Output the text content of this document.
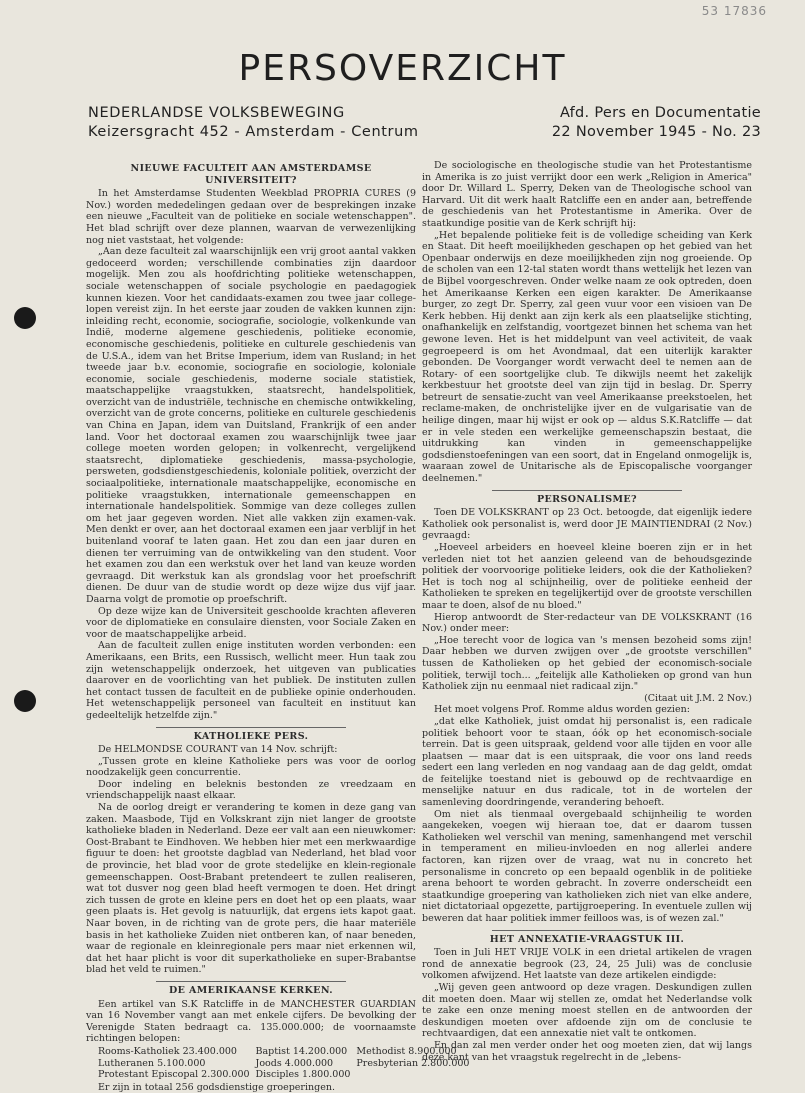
53 17836
PERSOVERZICHT
NEDERLANDSE VOLKSBEWEGING
Keizersgracht 452 - Amsterdam - Centrum
Afd. Pers en Documentatie
22 November 1945 - No. 23
NIEUWE FACULTEIT AAN AMSTERDAMSE UNIVERSITEIT?

In het Amsterdamse Studenten Weekblad PROPRIA CURES (9 Nov.) worden mededelingen gedaan over de besprekingen inzake een nieuwe „Faculteit van de politieke en sociale wetenschappen". Het blad schrijft over deze plannen, waarvan de verwezenlijking nog niet vaststaat, het volgende:

„Aan deze faculteit zal waarschijnlijk een vrij groot aantal vakken gedoceerd worden; verschillende combinaties zijn daardoor mogelijk. Men zou als hoofdrichting politieke wetenschappen, sociale wetenschappen of sociale psychologie en paedagogiek kunnen kiezen. Voor het candidaats-examen zou twee jaar college-lopen vereist zijn. In het eerste jaar zouden de vakken kunnen zijn: inleiding recht, economie, sociografie, sociologie, volkenkunde van Indië, moderne algemene geschiedenis, politieke economie, economische geschiedenis, politieke en culturele geschiedenis van de U.S.A., idem van het Britse Imperium, idem van Rusland; in het tweede jaar b.v. economie, sociografie en sociologie, koloniale economie, sociale geschiedenis, moderne sociale statistiek, maatschappelijke vraagstukken, staatsrecht, handelspolitiek, overzicht van de industriële, technische en chemische ontwikkeling, overzicht van de grote concerns, politieke en culturele geschiedenis van China en Japan, idem van Duitsland, Frankrijk of een ander land. Voor het doctoraal examen zou waarschijnlijk twee jaar college moeten worden gelopen; in volkenrecht, vergelijkend staatsrecht, diplomatieke geschiedenis, massa-psychologie, persweten, godsdienstgeschiedenis, koloniale politiek, overzicht der sociaalpolitieke, internationale maatschappelijke, economische en politieke vraagstukken, internationale gemeenschappen en internationale handelspolitiek. Sommige van deze colleges zullen om het jaar gegeven worden. Niet alle vakken zijn examen-vak. Men denkt er over, aan het doctoraal examen een jaar verblijf in het buitenland vooraf te laten gaan. Het zou dan een jaar duren en dienen ter verruiming van de ontwikkeling van den student. Voor het examen zou dan een werkstuk over het land van keuze worden gevraagd. Dit werkstuk kan als grondslag voor het proefschrift dienen. De duur van de studie wordt op deze wijze dus vijf jaar. Daarna volgt de promotie op proefschrift.

Op deze wijze kan de Universiteit geschoolde krachten afleveren voor de diplomatieke en consulaire diensten, voor Sociale Zaken en voor de maatschappelijke arbeid.

Aan de faculteit zullen enige instituten worden verbonden: een Amerikaans, een Brits, een Russisch, wellicht meer. Hun taak zou zijn wetenschappelijk onderzoek, het uitgeven van publicaties daarover en de voorlichting van het publiek. De instituten zullen het contact tussen de faculteit en de publieke opinie onderhouden. Het wetenschappelijk personeel van faculteit en instituut kan gedeeltelijk hetzelfde zijn."

KATHOLIEKE PERS.

De HELMONDSE COURANT van 14 Nov. schrijft:

„Tussen grote en kleine Katholieke pers was voor de oorlog noodzakelijk geen concurrentie.

Door indeling en beleknis bestonden ze vreedzaam en vriendschappelijk naast elkaar.

Na de oorlog dreigt er verandering te komen in deze gang van zaken. Maasbode, Tijd en Volkskrant zijn niet langer de grootste katholieke bladen in Nederland. Deze eer valt aan een nieuwkomer: Oost-Brabant te Eindhoven. We hebben hier met een merkwaardige figuur te doen: het grootste dagblad van Nederland, het blad voor de provincie, het blad voor de grote stedelijke en klein-regionale gemeenschappen. Oost-Brabant pretendeert te zullen realiseren, wat tot dusver nog geen blad heeft vermogen te doen. Het dringt zich tussen de grote en kleine pers en doet het op een plaats, waar geen plaats is. Het gevolg is natuurlijk, dat ergens iets kapot gaat. Naar boven, in de richting van de grote pers, die haar materiële basis in het katholieke Zuiden niet ontberen kan, of naar beneden, waar de regionale en kleinregionale pers maar niet erkennen wil, dat het haar plicht is voor dit superkatholieke en super-Brabantse blad het veld te ruimen."

DE AMERIKAANSE KERKEN.

Een artikel van S.K Ratcliffe in de MANCHESTER GUARDIAN van 16 November vangt aan met enkele cijfers. De bevolking der Verenigde Staten bedraagt ca. 135.000.000; de voornaamste richtingen belopen:

Rooms-Katholiek 23.400.000	Baptist 14.200.000 Methodist 8.900.000
Lutheranen 5.100.000	Joods 4.000.000	Presbyterian 2.800.000
Protestant Episcopal 2.300.000 Disciples 1.800.000

Er zijn in totaal 256 godsdienstige groeperingen.

De sociologische en theologische studie van het Protestantisme in Amerika is zo juist verrijkt door een werk „Religion in America" door Dr. Willard L. Sperry, Deken van de Theologische school van Harvard. Uit dit werk haalt Ratcliffe een en ander aan, betreffende de geschiedenis van het Protestantisme in Amerika. Over de staatkundige positie van de Kerk schrijft hij:

„Het bepalende politieke feit is de volledige scheiding van Kerk en Staat. Dit heeft moeilijkheden geschapen op het gebied van het Openbaar onderwijs en deze moeilijkheden zijn nog groeiende. Op de scholen van een 12-tal staten wordt thans wettelijk het lezen van de Bijbel voorgeschreven. Onder welke naam ze ook optreden, doen het Amerikaanse Kerken een eigen karakter. De Amerikaanse burger, zo zegt Dr. Sperry, zal geen vuur voor een visioen van De Kerk hebben. Hij denkt aan zijn kerk als een plaatselijke stichting, onafhankelijk en zelfstandig, voortgezet binnen het schema van het gewone leven. Het is het middelpunt van veel activiteit, de vaak gegroepeerd is om het Avondmaal, dat een uiterlijk karakter gebonden. De Voorganger wordt verwacht deel te nemen aan de Rotary- of een soortgelijke club. Te dikwijls neemt het zakelijk kerkbestuur het grootste deel van zijn tijd in beslag. Dr. Sperry betreurt de sensatie-zucht van veel Amerikaanse preekstoelen, het reclame-maken, de onchristelijke ijver en de vulgarisatie van de heilige dingen, maar hij wijst er ook op — aldus S.K.Ratcliffe — dat er in vele steden een werkelijke gemeenschapszin bestaat, die uitdrukking kan vinden in gemeenschappelijke godsdienstoefeningen van een soort, dat in Engeland onmogelijk is, waaraan zowel de Unitarische als de Episcopalische voorganger deelnemen."

PERSONALISME?

Toen DE VOLKSKRANT op 23 Oct. betoogde, dat eigenlijk iedere Katholiek ook personalist is, werd door JE MAINTIENDRAI (2 Nov.) gevraagd:

„Hoeveel arbeiders en hoeveel kleine boeren zijn er in het verleden niet tot het aanzien geleend van de behoudsgezinde politiek der voorvoorige politieke leiders, ook die der Katholieken? Het is toch nog al schijnheilig, over de politieke eenheid der Katholieken te spreken en tegelijkertijd over de grootste verschillen maar te doen, alsof de nu bloed."

Hierop antwoordt de Ster-redacteur van DE VOLKSKRANT (16 Nov.) onder meer:

„Hoe terecht voor de logica van 's mensen bezoheid soms zijn! Daar hebben we durven zwijgen over „de grootste verschillen" tussen de Katholieken op het gebied der economisch-sociale politiek, terwijl toch... „feitelijk alle Katholieken op grond van hun Katholiek zijn nu eenmaal niet radicaal zijn."

(Citaat uit J.M. 2 Nov.)

Het moet volgens Prof. Romme aldus worden gezien:

„dat elke Katholiek, juist omdat hij personalist is, een radicale politiek behoort voor te staan, óók op het economisch-sociale terrein. Dat is geen uitspraak, geldend voor alle tijden en voor alle plaatsen — maar dat is een uitspraak, die voor ons land reeds sedert een lang verleden en nog vandaag aan de dag geldt, omdat de feitelijke toestand niet is gebouwd op de rechtvaardige en menselijke natuur en dus radicale, tot in de wortelen der samenleving doordringende, verandering behoeft.

Om niet als tienmaal overgebaald schijnheilig te worden aangekeken, voegen wij hieraan toe, dat er daarom tussen Katholieken wel verschil van mening, samenhangend met verschil in temperament en milieu-invloeden en nog allerlei andere factoren, kan rijzen over de vraag, wat nu in concreto het personalisme in concreto op een bepaald ogenblik in de politieke arena behoort te worden gebracht. In zoverre onderscheidt een staatkundige groepering van katholieken zich niet van elke andere, niet dictatoriaal opgezette, partijgroepering. In eventuele zullen wij beweren dat haar politiek immer feilloos was, is of wezen zal."

HET ANNEXATIE-VRAAGSTUK III.

Toen in Juli HET VRIJE VOLK in een drietal artikelen de vragen rond de annexatie begrook (23, 24, 25 Juli) was de conclusie volkomen afwijzend. Het laatste van deze artikelen eindigde:

„Wij geven geen antwoord op deze vragen. Deskundigen zullen dit moeten doen. Maar wij stellen ze, omdat het Nederlandse volk te zake een onze mening moest stellen en de antwoorden der deskundigen moeten over afdoende zijn om de conclusie te rechtvaardigen, dat een annexatie niet valt te ontkomen.

En dan zal men verder onder het oog moeten zien, dat wij langs deze kant van het vraagstuk regelrecht in de „lebens-
